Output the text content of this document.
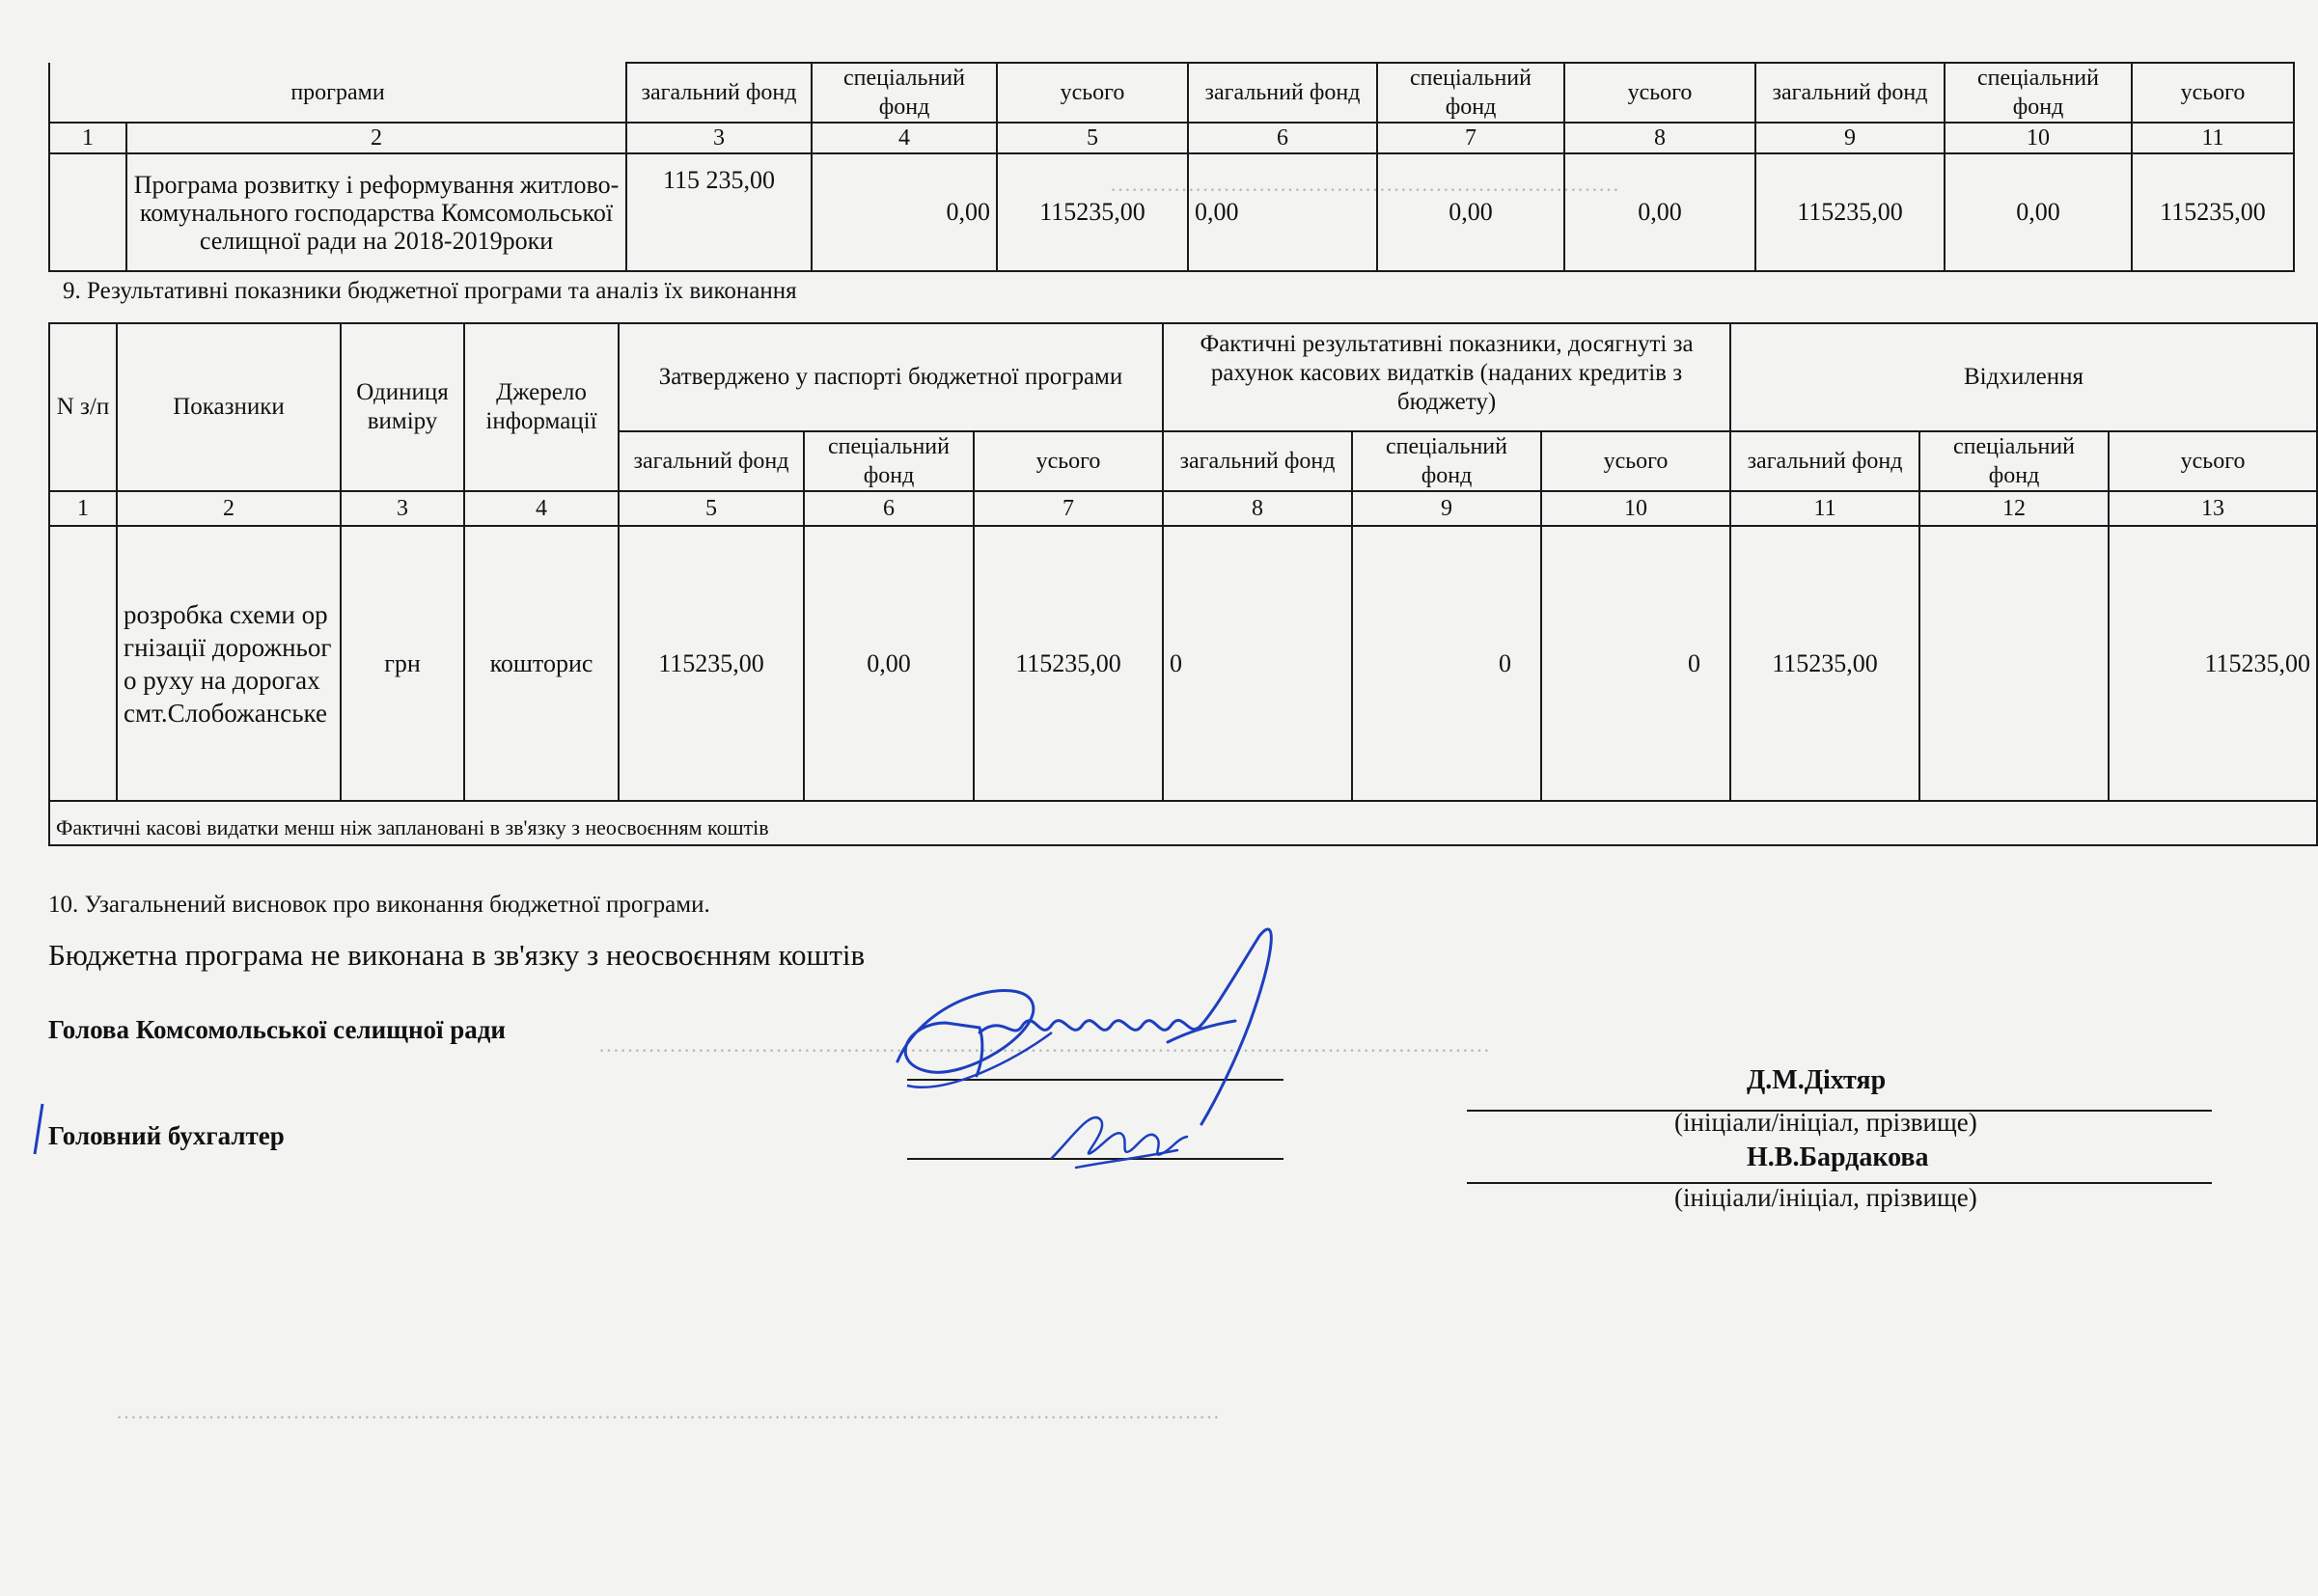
………………………………………………………………
………………………………………………………………………………………………………………
…………………………………………………………………………………………………………………………………………
програми		загальний фонд	спеціальний фонд	усього	загальний фонд	спеціальний фонд	усього	загальний фонд	спеціальний фонд	усього
1	2	3	4	5	6	7	8	9	10	11
	Програма розвитку і реформування житлово-комунального господарства Комсомольської селищної ради на 2018-2019роки	115 235,00	0,00	115235,00	0,00	0,00	0,00	115235,00	0,00	115235,00
9. Результативні показники бюджетної програми та аналіз їх виконання
N з/п	Показники	Одиниця виміру	Джерело інформації	Затверджено у паспорті бюджетної програми			Фактичні результативні показники, досягнуті за рахунок касових видатків (наданих кредитів з бюджету)			Відхилення		
				загальний фонд	спеціальний фонд	усього	загальний фонд	спеціальний фонд	усього	загальний фонд	спеціальний фонд	усього
1	2	3	4	5	6	7	8	9	10	11	12	13
	розробка схеми оргнізації дорожнього руху на дорогах смт.Слобожанське	грн	кошторис	115235,00	0,00	115235,00	0	0	0	115235,00		115235,00
Фактичні касові видатки менш ніж заплановані в зв'язку з неосвоєнням коштів												
10. Узагальнений висновок про виконання бюджетної програми.
Бюджетна програма не виконана в зв'язку з неосвоєнням коштів
Голова Комсомольської селищної ради
Головний бухгалтер
Д.М.Діхтяр
(ініціали/ініціал, прізвище)
Н.В.Бардакова
(ініціали/ініціал, прізвище)
